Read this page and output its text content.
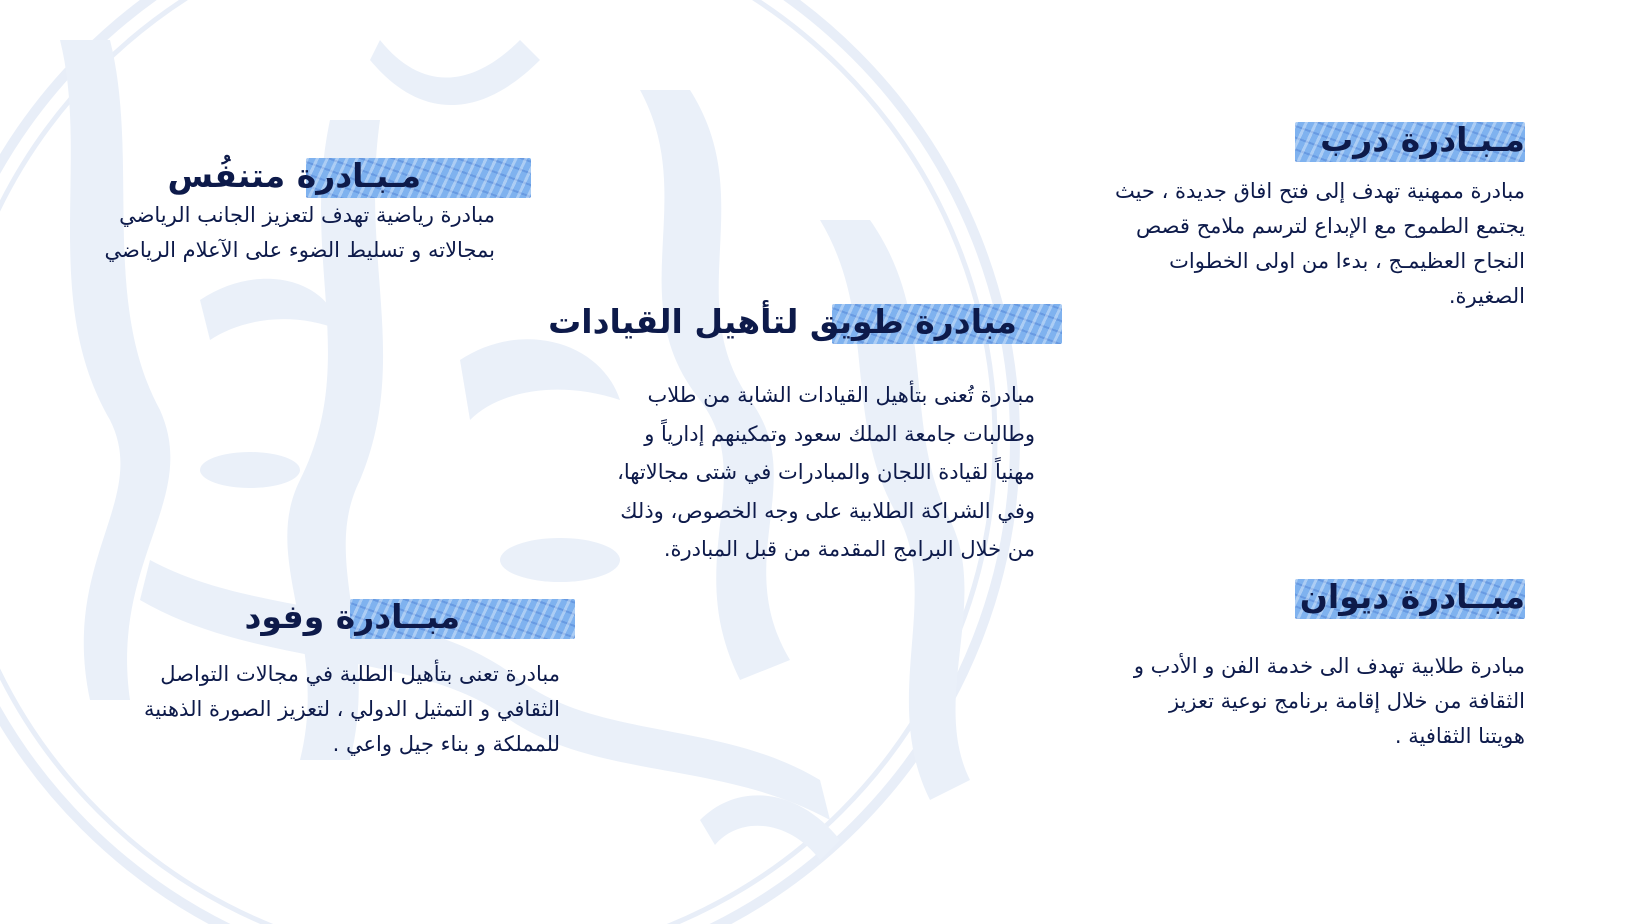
مـبـادرة درب
مبادرة ممهنية تهدف إلى فتح افاق جديدة ، حيث
يجتمع الطموح مع الإبداع لترسم ملامح قصص
النجاح العظيمـج ، بدءا من اولى الخطوات
الصغيرة.
مـبـادرة متنفُس
مبادرة رياضية تهدف لتعزيز الجانب الرياضي
بمجالاته و تسليط الضوء على الآعلام الرياضي
مبادرة طويق لتأهيل القيادات
مبادرة تُعنى بتأهيل القيادات الشابة من طلاب
وطالبات جامعة الملك سعود وتمكينهم إدارياً و
مهنياً لقيادة اللجان والمبادرات في شتى مجالاتها،
وفي الشراكة الطلابية على وجه الخصوص، وذلك
من خلال البرامج المقدمة من قبل المبادرة.
مبــادرة ديوان
مبادرة طلابية تهدف الى خدمة الفن و الأدب و
الثقافة من خلال إقامة برنامج نوعية تعزيز
هويتنا الثقافية .
مبــادرة وفود
مبادرة تعنى بتأهيل الطلبة في مجالات التواصل
الثقافي و التمثيل الدولي ، لتعزيز الصورة الذهنية
للمملكة و بناء جيل واعي .
